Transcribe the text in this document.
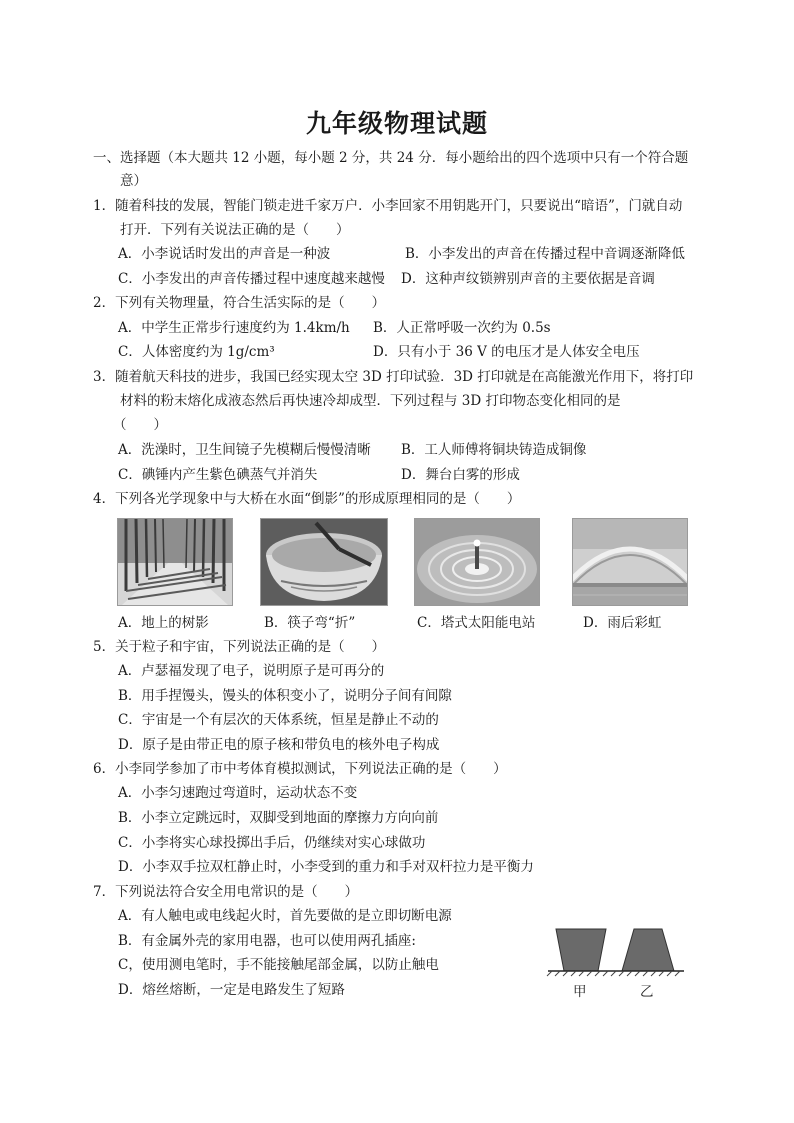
九年级物理试题
一、选择题（本大题共 12 小题，每小题 2 分，共 24 分．每小题给出的四个选项中只有一个符合题
意）
1．随着科技的发展，智能门锁走进千家万户．小李回家不用钥匙开门，只要说出“暗语”，门就自动
打开．下列有关说法正确的是（　　）
A．小李说话时发出的声音是一种波	B．小李发出的声音在传播过程中音调逐渐降低
C．小李发出的声音传播过程中速度越来越慢 D．这种声纹锁辨别声音的主要依据是音调
2．下列有关物理量，符合生活实际的是（　　）
A．中学生正常步行速度约为 1.4km/h B．人正常呼吸一次约为 0.5s
C．人体密度约为 1g/cm³	D．只有小于 36 V 的电压才是人体安全电压
3．随着航天科技的进步，我国已经实现太空 3D 打印试验．3D 打印就是在高能激光作用下，将打印
材料的粉末熔化成液态然后再快速冷却成型．下列过程与 3D 打印物态变化相同的是
（　　）
A．洗澡时，卫生间镜子先模糊后慢慢清晰 B．工人师傅将铜块铸造成铜像
C．碘锤内产生紫色碘蒸气并消失	D．舞台白雾的形成
4．下列各光学现象中与大桥在水面“倒影”的形成原理相同的是（　　）
A．地上的树影	B．筷子弯“折”	C．塔式太阳能电站	D．雨后彩虹
5．关于粒子和宇宙，下列说法正确的是（　　）
A．卢瑟福发现了电子，说明原子是可再分的
B．用手捏馒头，馒头的体积变小了，说明分子间有间隙
C．宇宙是一个有层次的天体系统，恒星是静止不动的
D．原子是由带正电的原子核和带负电的核外电子构成
6．小李同学参加了市中考体育模拟测试，下列说法正确的是（　　）
A．小李匀速跑过弯道时，运动状态不变
B．小李立定跳远时，双脚受到地面的摩擦力方向向前
C．小李将实心球投掷出手后，仍继续对实心球做功
D．小李双手拉双杠静止时，小李受到的重力和手对双杆拉力是平衡力
7．下列说法符合安全用电常识的是（　　）
A．有人触电或电线起火时，首先要做的是立即切断电源
B．有金属外壳的家用电器，也可以使用两孔插座:
C，使用测电笔时，手不能接触尾部金属，以防止触电
D．熔丝熔断，一定是电路发生了短路	甲	乙
